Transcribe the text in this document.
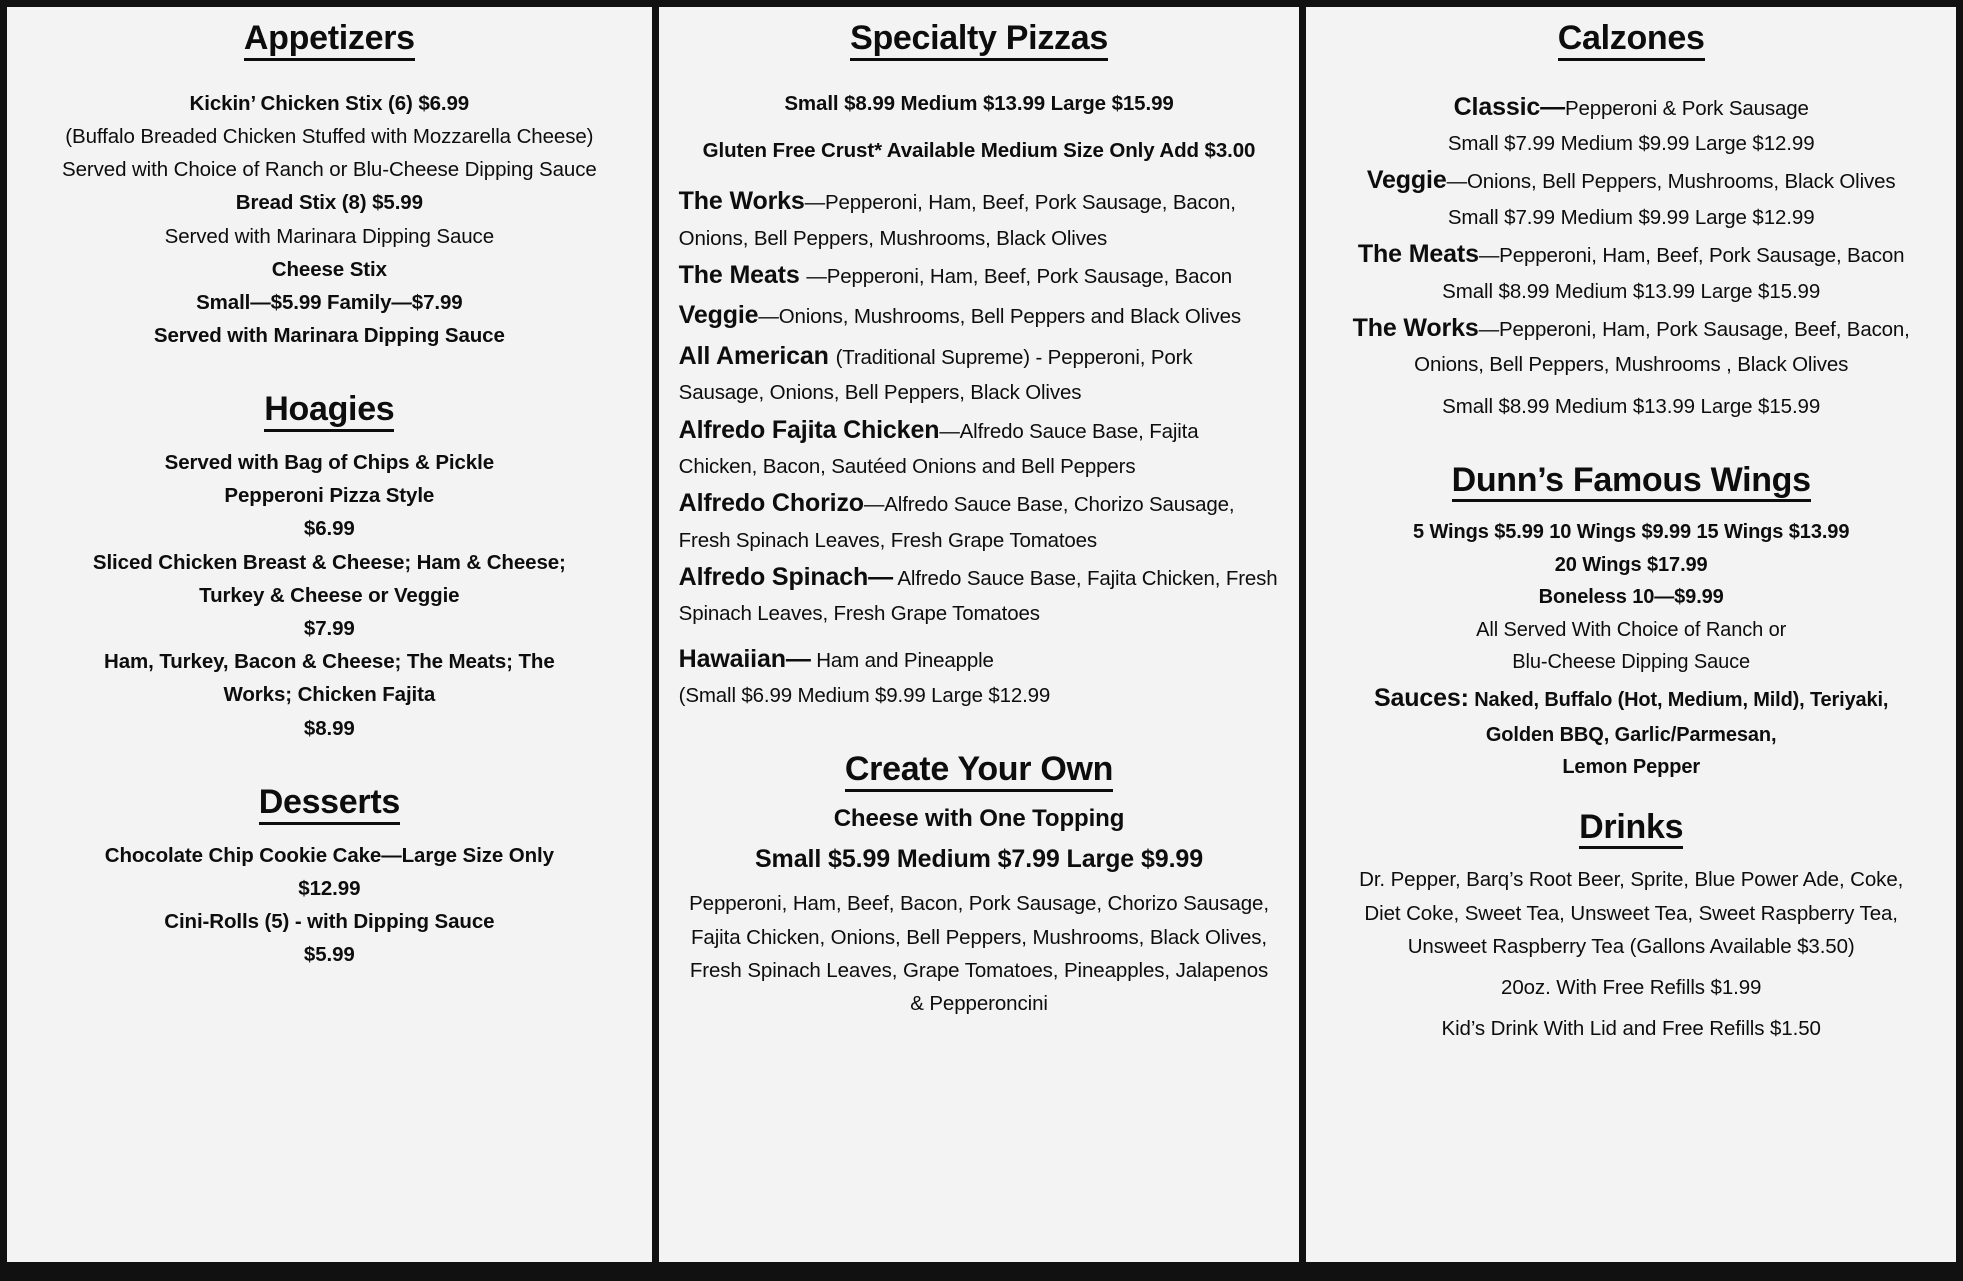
Appetizers

Kickin’ Chicken Stix (6) $6.99

(Buffalo Breaded Chicken Stuffed with Mozzarella Cheese)

Served with Choice of Ranch or Blu-Cheese Dipping Sauce

Bread Stix (8) $5.99

Served with Marinara Dipping Sauce

Cheese Stix

Small—$5.99 Family—$7.99

Served with Marinara Dipping Sauce

Hoagies

Served with Bag of Chips & Pickle

Pepperoni Pizza Style

$6.99

Sliced Chicken Breast & Cheese; Ham & Cheese;

Turkey & Cheese or Veggie

$7.99

Ham, Turkey, Bacon & Cheese; The Meats; The

Works; Chicken Fajita

$8.99

Desserts

Chocolate Chip Cookie Cake—Large Size Only

$12.99

Cini-Rolls (5) - with Dipping Sauce

$5.99

Specialty Pizzas

Small $8.99 Medium $13.99 Large $15.99

Gluten Free Crust* Available Medium Size Only Add $3.00

The Works—Pepperoni, Ham, Beef, Pork Sausage, Bacon, Onions, Bell Peppers, Mushrooms, Black Olives

The Meats —Pepperoni, Ham, Beef, Pork Sausage, Bacon

Veggie—Onions, Mushrooms, Bell Peppers and Black Olives

All American (Traditional Supreme) - Pepperoni, Pork Sausage, Onions, Bell Peppers, Black Olives

Alfredo Fajita Chicken—Alfredo Sauce Base, Fajita Chicken, Bacon, Sautéed Onions and Bell Peppers

Alfredo Chorizo—Alfredo Sauce Base, Chorizo Sausage, Fresh Spinach Leaves, Fresh Grape Tomatoes

Alfredo Spinach— Alfredo Sauce Base, Fajita Chicken, Fresh Spinach Leaves, Fresh Grape Tomatoes

Hawaiian— Ham and Pineapple

(Small $6.99 Medium $9.99 Large $12.99

Create Your Own

Cheese with One Topping

Small $5.99 Medium $7.99 Large $9.99

Pepperoni, Ham, Beef, Bacon, Pork Sausage, Chorizo Sausage,

Fajita Chicken, Onions, Bell Peppers, Mushrooms, Black Olives,

Fresh Spinach Leaves, Grape Tomatoes, Pineapples, Jalapenos

& Pepperoncini

Calzones

Classic—Pepperoni & Pork Sausage

Small $7.99 Medium $9.99 Large $12.99

Veggie—Onions, Bell Peppers, Mushrooms, Black Olives

Small $7.99 Medium $9.99 Large $12.99

The Meats—Pepperoni, Ham, Beef, Pork Sausage, Bacon

Small $8.99 Medium $13.99 Large $15.99

The Works—Pepperoni, Ham, Pork Sausage, Beef, Bacon, Onions, Bell Peppers, Mushrooms , Black Olives

Small $8.99 Medium $13.99 Large $15.99

Dunn’s Famous Wings

5 Wings $5.99 10 Wings $9.99 15 Wings $13.99

20 Wings $17.99

Boneless 10—$9.99

All Served With Choice of Ranch or

Blu-Cheese Dipping Sauce

Sauces: Naked, Buffalo (Hot, Medium, Mild), Teriyaki,

Golden BBQ, Garlic/Parmesan,

Lemon Pepper

Drinks

Dr. Pepper, Barq’s Root Beer, Sprite, Blue Power Ade, Coke,

Diet Coke, Sweet Tea, Unsweet Tea, Sweet Raspberry Tea,

Unsweet Raspberry Tea (Gallons Available $3.50)

20oz. With Free Refills $1.99

Kid’s Drink With Lid and Free Refills $1.50
